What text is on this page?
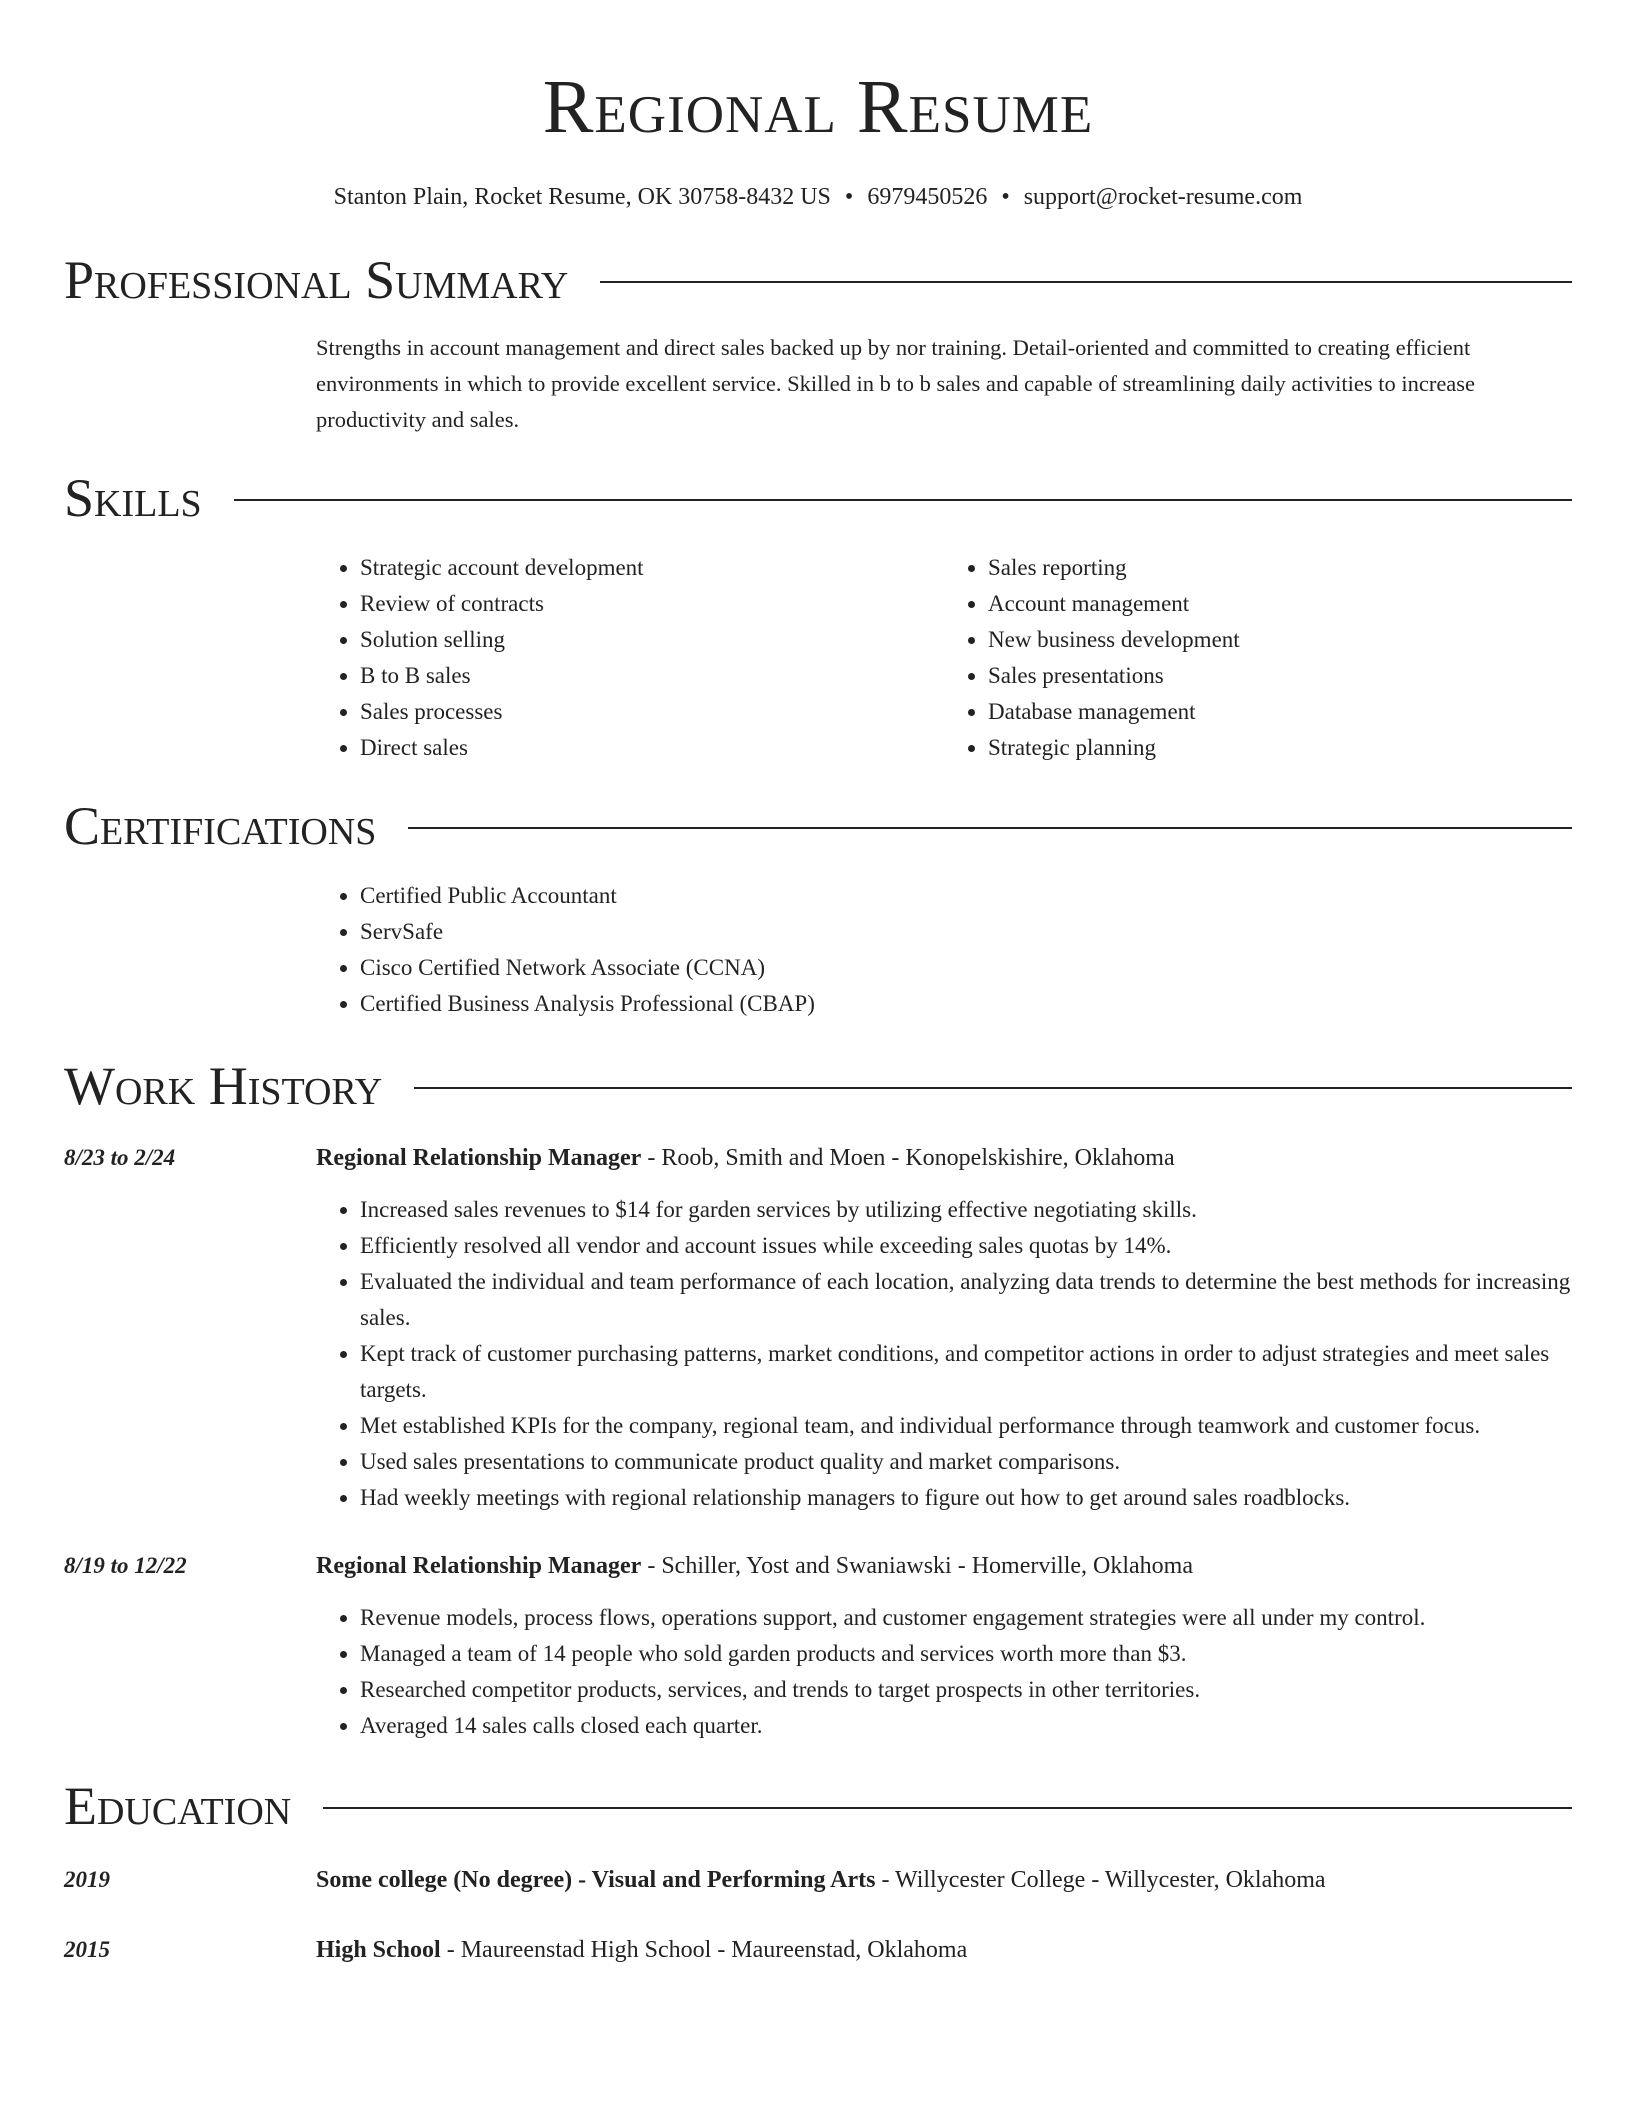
Regional Resume
Stanton Plain, Rocket Resume, OK 30758-8432 US • 6979450526 • support@rocket-resume.com
Professional Summary

Strengths in account management and direct sales backed up by nor training. Detail-oriented and committed to creating efficient environments in which to provide excellent service. Skilled in b to b sales and capable of streamlining daily activities to increase productivity and sales.

Skills
• Strategic account development
• Review of contracts
• Solution selling
• B to B sales
• Sales processes
• Direct sales
• Sales reporting
• Account management
• New business development
• Sales presentations
• Database management
• Strategic planning
Certifications
• Certified Public Accountant
• ServSafe
• Cisco Certified Network Associate (CCNA)
• Certified Business Analysis Professional (CBAP)
Work History
8/23 to 2/24	Regional Relationship Manager - Roob, Smith and Moen - Konopelskishire, Oklahoma
• Increased sales revenues to $14 for garden services by utilizing effective negotiating skills.
• Efficiently resolved all vendor and account issues while exceeding sales quotas by 14%.
• Evaluated the individual and team performance of each location, analyzing data trends to determine the best methods for increasing sales.
• Kept track of customer purchasing patterns, market conditions, and competitor actions in order to adjust strategies and meet sales targets.
• Met established KPIs for the company, regional team, and individual performance through teamwork and customer focus.
• Used sales presentations to communicate product quality and market comparisons.
• Had weekly meetings with regional relationship managers to figure out how to get around sales roadblocks.
8/19 to 12/22	Regional Relationship Manager - Schiller, Yost and Swaniawski - Homerville, Oklahoma
• Revenue models, process flows, operations support, and customer engagement strategies were all under my control.
• Managed a team of 14 people who sold garden products and services worth more than $3.
• Researched competitor products, services, and trends to target prospects in other territories.
• Averaged 14 sales calls closed each quarter.
Education
2019	Some college (No degree) - Visual and Performing Arts - Willycester College - Willycester, Oklahoma
2015	High School - Maureenstad High School - Maureenstad, Oklahoma
